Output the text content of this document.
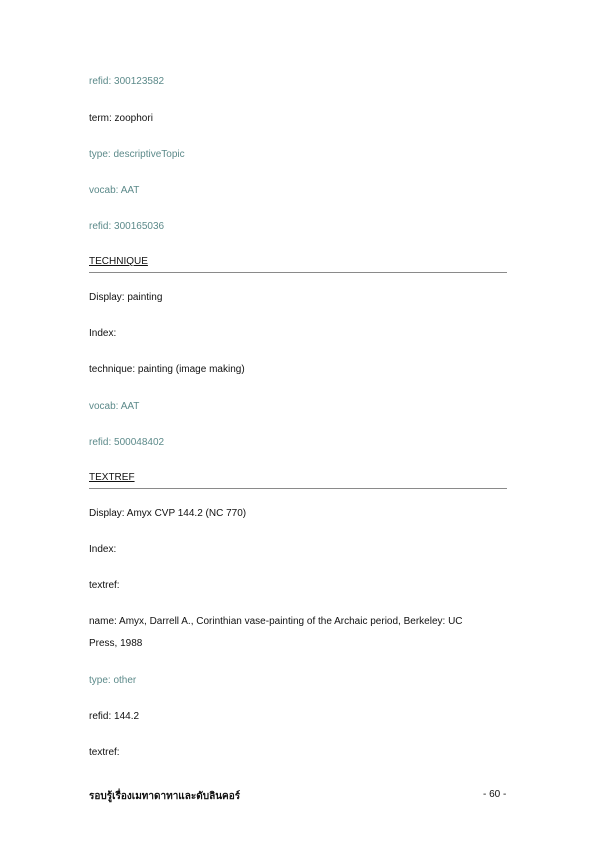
refid: 300123582
term: zoophori
type: descriptiveTopic
vocab: AAT
refid: 300165036
TECHNIQUE
Display: painting
Index:
technique: painting (image making)
vocab: AAT
refid: 500048402
TEXTREF
Display: Amyx CVP 144.2 (NC 770)
Index:
textref:
name: Amyx, Darrell A., Corinthian vase-painting of the Archaic period, Berkeley: UC
Press, 1988
type: other
refid: 144.2
textref:
รอบรู้เรื่องเมทาดาทาและดับลินคอร์	- 60 -
